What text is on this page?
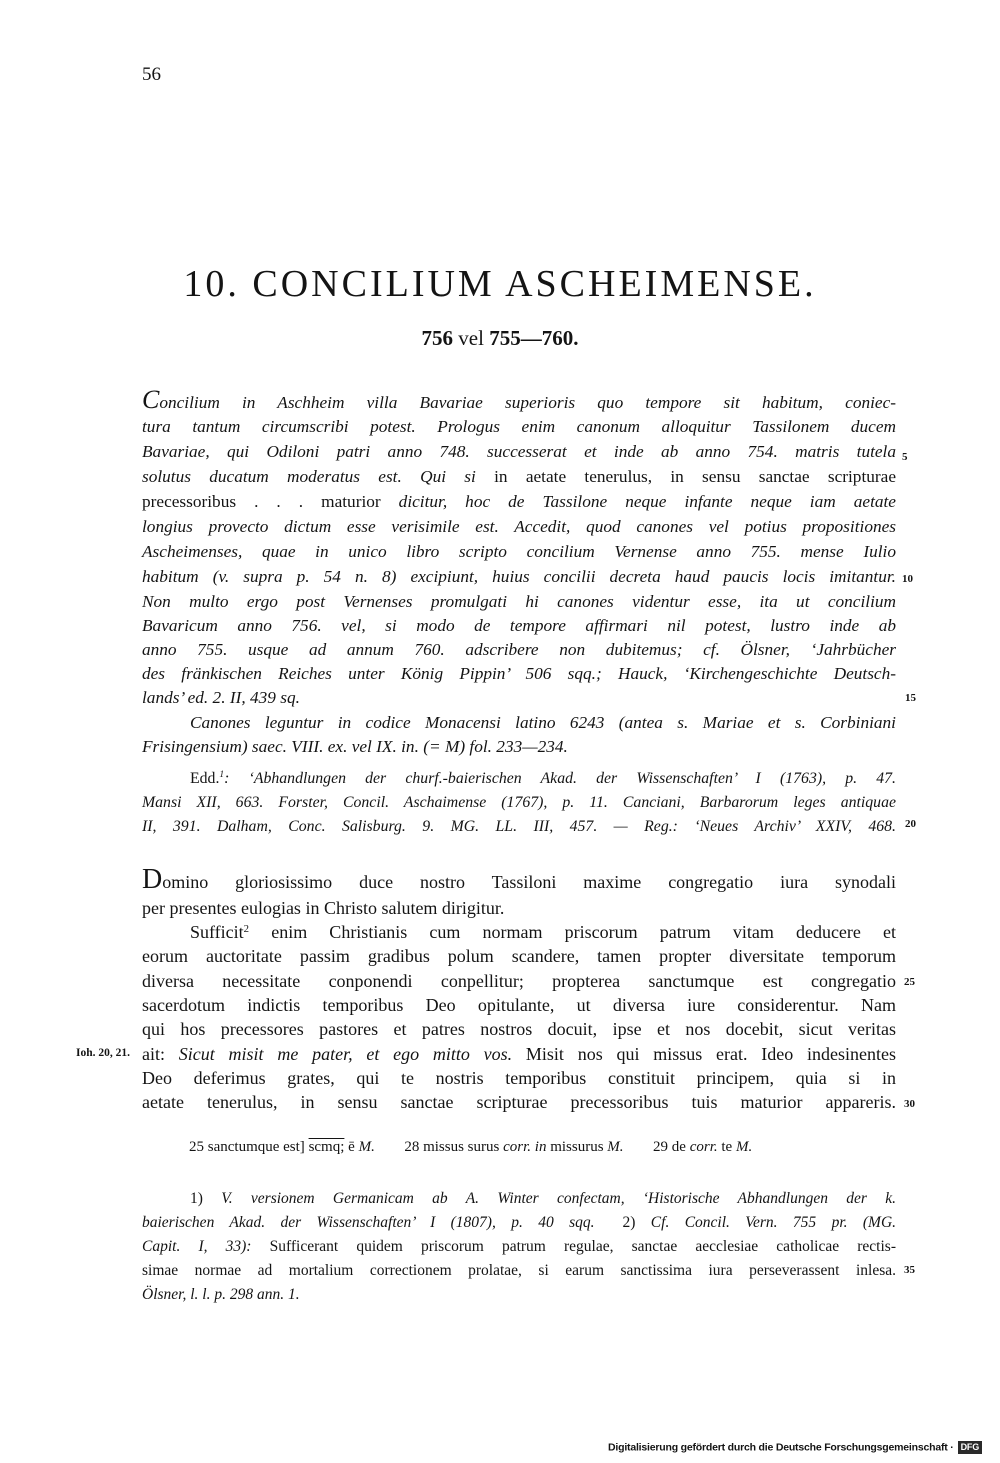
56
10. CONCILIUM ASCHEIMENSE.
756 vel 755—760.
Concilium in Aschheim villa Bavariae superioris quo tempore sit habitum, coniec-
tura tantum circumscribi potest. Prologus enim canonum alloquitur Tassilonem ducem
Bavariae, qui Odiloni patri anno 748. successerat et inde ab anno 754. matris tutela
solutus ducatum moderatus est. Qui si in aetate tenerulus, in sensu sanctae scripturae
precessoribus . . . maturior dicitur, hoc de Tassilone neque infante neque iam aetate
longius provecto dictum esse verisimile est. Accedit, quod canones vel potius propositiones
Ascheimenses, quae in unico libro scripto concilium Vernense anno 755. mense Iulio
habitum (v. supra p. 54 n. 8) excipiunt, huius concilii decreta haud paucis locis imitantur.
Non multo ergo post Vernenses promulgati hi canones videntur esse, ita ut concilium
Bavaricum anno 756. vel, si modo de tempore affirmari nil potest, lustro inde ab
anno 755. usque ad annum 760. adscribere non dubitemus; cf. Ölsner, ‘Jahrbücher
des fränkischen Reiches unter König Pippin’ 506 sqq.; Hauck, ‘Kirchengeschichte Deutsch-
lands’ ed. 2. II, 439 sq.
Canones leguntur in codice Monacensi latino 6243 (antea s. Mariae et s. Corbiniani
Frisingensium) saec. VIII. ex. vel IX. in. (= M) fol. 233—234.
Edd.$^1$: ‘Abhandlungen der churf.-baierischen Akad. der Wissenschaften’ I (1763), p. 47.
Mansi XII, 663. Forster, Concil. Aschaimense (1767), p. 11. Canciani, Barbarorum leges antiquae
II, 391. Dalham, Conc. Salisburg. 9. MG. LL. III, 457. — Reg.: ‘Neues Archiv’ XXIV, 468.
Domino gloriosissimo duce nostro Tassiloni maxime congregatio iura synodali
per presentes eulogias in Christo salutem dirigitur.
Sufficit$^2$ enim Christianis cum normam priscorum patrum vitam deducere et
eorum auctoritate passim gradibus polum scandere, tamen propter diversitate temporum
diversa necessitate conponendi conpellitur; propterea sanctumque est congregatio
sacerdotum indictis temporibus Deo opitulante, ut diversa iure considerentur. Nam
qui hos precessores pastores et patres nostros docuit, ipse et nos docebit, sicut veritas
ait: Sicut misit me pater, et ego mitto vos. Misit nos qui missus erat. Ideo indesinentes
Deo deferimus grates, qui te nostris temporibus constituit principem, quia si in
aetate tenerulus, in sensu sanctae scripturae precessoribus tuis maturior appareris.
Ioh. 20, 21.
5
10
15
20
25
30
35
25 sanctumque est] scmq; ē M. 28 missus surus corr. in missurus M. 29 de corr. te M.
1) V. versionem Germanicam ab A. Winter confectam, ‘Historische Abhandlungen der k.
baierischen Akad. der Wissenschaften’ I (1807), p. 40 sqq. 2) Cf. Concil. Vern. 755 pr. (MG.
Capit. I, 33): Sufficerant quidem priscorum patrum regulae, sanctae aecclesiae catholicae rectis-
simae normae ad mortalium correctionem prolatae, si earum sanctissima iura perseverassent inlesa.
Ölsner, l. l. p. 298 ann. 1.
Digitalisierung gefördert durch die Deutsche Forschungsgemeinschaft · DFG
